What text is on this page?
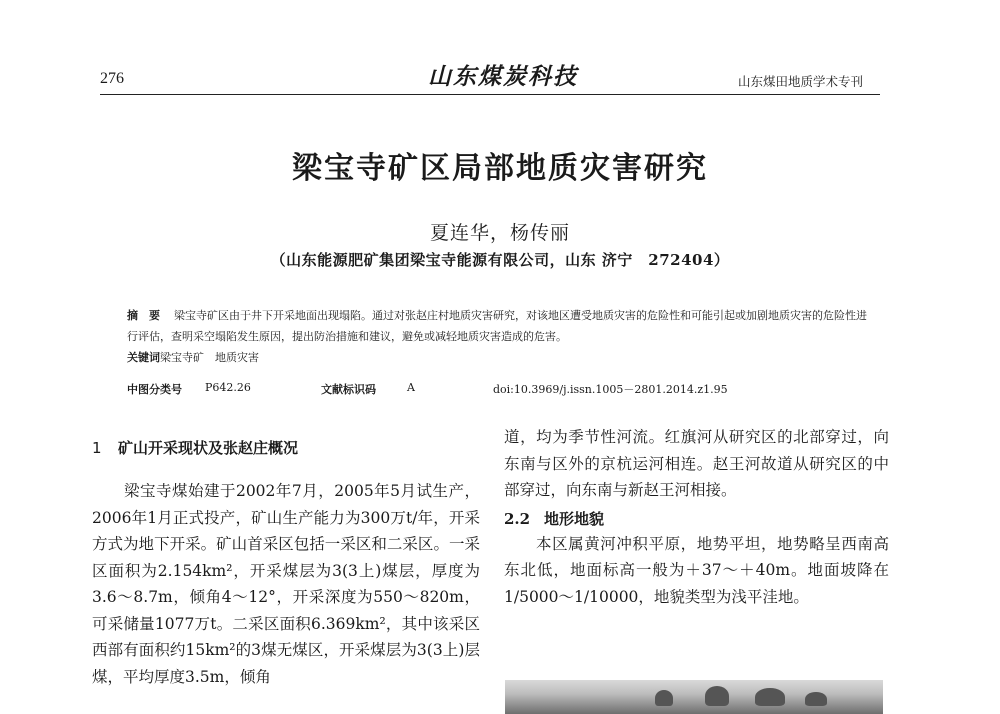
276	山东煤炭科技	山东煤田地质学术专刊
梁宝寺矿区局部地质灾害研究
夏连华，杨传丽
（山东能源肥矿集团梁宝寺能源有限公司，山东 济宁　272404）
摘　要 梁宝寺矿区由于井下开采地面出现塌陷。通过对张赵庄村地质灾害研究，对该地区遭受地质灾害的危险性和可能引起或加剧地质灾害的危险性进行评估，查明采空塌陷发生原因，提出防治措施和建议，避免或减轻地质灾害造成的危害。
关键词梁宝寺矿　地质灾害
中图分类号 P642.26	文献标识码	A	doi:10.3969/j.issn.1005－2801.2014.z1.95
1 矿山开采现状及张赵庄概况

梁宝寺煤始建于2002年7月，2005年5月试生产，2006年1月正式投产，矿山生产能力为300万t/年，开采方式为地下开采。矿山首采区包括一采区和二采区。一采区面积为2.154km²，开采煤层为3(3上)煤层，厚度为3.6～8.7m，倾角4～12°，开采深度为550～820m，可采储量1077万t。二采区面积6.369km²，其中该采区西部有面积约15km²的3煤无煤区，开采煤层为3(3上)层煤，平均厚度3.5m，倾角

道，均为季节性河流。红旗河从研究区的北部穿过，向东南与区外的京杭运河相连。赵王河故道从研究区的中部穿过，向东南与新赵王河相接。

2.2 地形地貌

本区属黄河冲积平原，地势平坦，地势略呈西南高东北低，地面标高一般为＋37～＋40m。地面坡降在1/5000～1/10000，地貌类型为浅平洼地。
